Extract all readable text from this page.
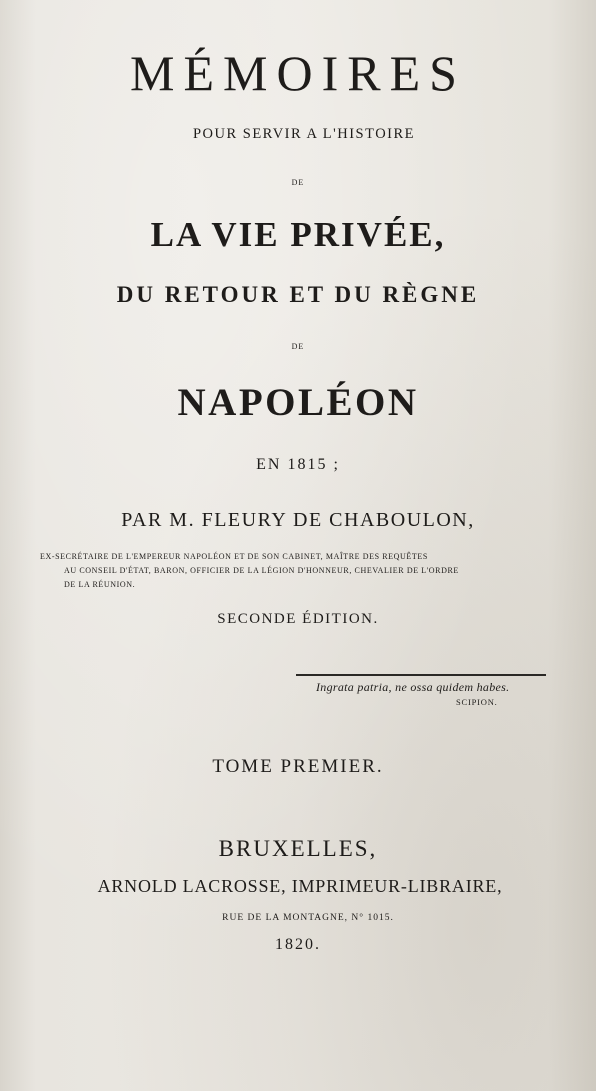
MÉMOIRES
POUR SERVIR A L'HISTOIRE
DE
LA VIE PRIVÉE,
DU RETOUR ET DU RÈGNE
DE
NAPOLÉON
EN 1815 ;
PAR M. FLEURY DE CHABOULON,
EX-SECRÉTAIRE DE L'EMPEREUR NAPOLÉON ET DE SON CABINET, MAÎTRE DES REQUÊTES
AU CONSEIL D'ÉTAT, BARON, OFFICIER DE LA LÉGION D'HONNEUR, CHEVALIER DE L'ORDRE
DE LA RÉUNION.
SECONDE ÉDITION.
Ingrata patria, ne ossa quidem habes.
SCIPION.
TOME PREMIER.
BRUXELLES,
ARNOLD LACROSSE, IMPRIMEUR-LIBRAIRE,
RUE DE LA MONTAGNE, N° 1015.
1820.
